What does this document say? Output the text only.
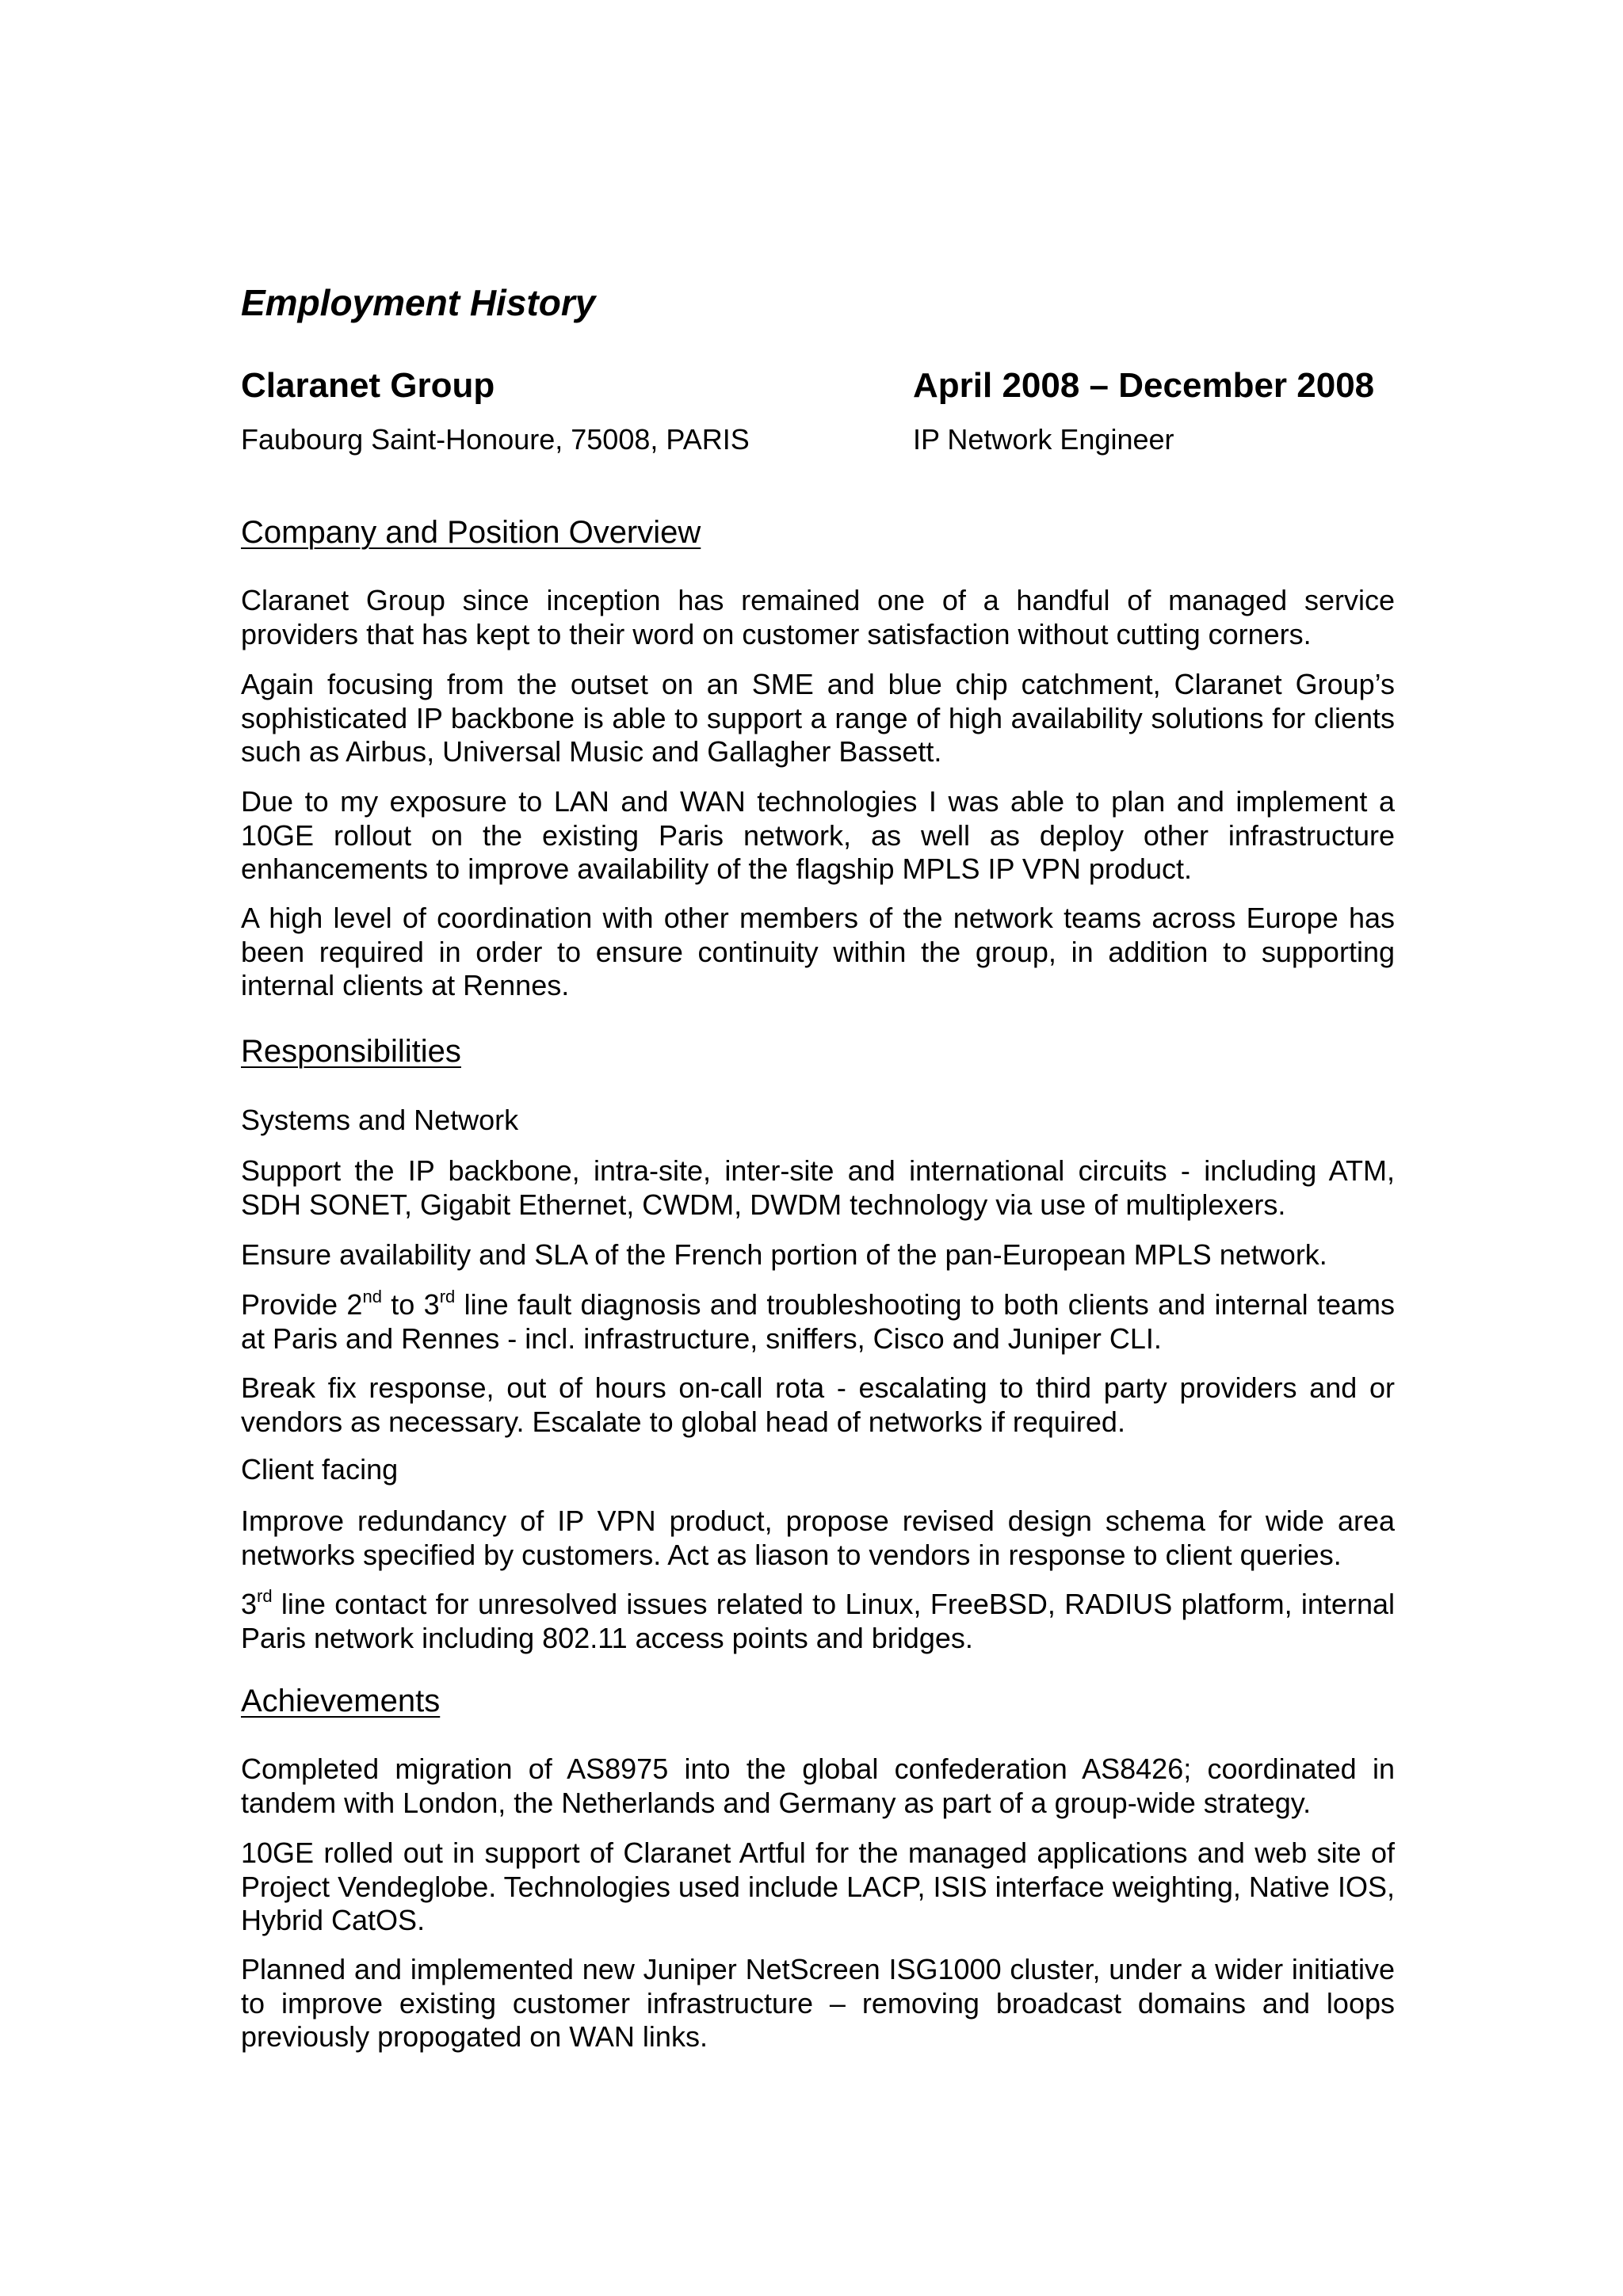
Employment History
Claranet Group	April 2008 – December 2008
Faubourg Saint-Honoure, 75008, PARIS	IP Network Engineer
Company and Position Overview

Claranet Group since inception has remained one of a handful of managed service providers that has kept to their word on customer satisfaction without cutting corners.

Again focusing from the outset on an SME and blue chip catchment, Claranet Group’s sophisticated IP backbone is able to support a range of high availability solutions for clients such as Airbus, Universal Music and Gallagher Bassett.

Due to my exposure to LAN and WAN technologies I was able to plan and implement a 10GE rollout on the existing Paris network, as well as deploy other infrastructure enhancements to improve availability of the flagship MPLS IP VPN product.

A high level of coordination with other members of the network teams across Europe has been required in order to ensure continuity within the group, in addition to supporting internal clients at Rennes.

Responsibilities
Systems and Network

Support the IP backbone, intra-site, inter-site and international circuits - including ATM, SDH SONET, Gigabit Ethernet, CWDM, DWDM technology via use of multiplexers.

Ensure availability and SLA of the French portion of the pan-European MPLS network.

Provide 2nd to 3rd line fault diagnosis and troubleshooting to both clients and internal teams at Paris and Rennes - incl. infrastructure, sniffers, Cisco and Juniper CLI.

Break fix response, out of hours on-call rota - escalating to third party providers and or vendors as necessary. Escalate to global head of networks if required.

Client facing

Improve redundancy of IP VPN product, propose revised design schema for wide area networks specified by customers. Act as liason to vendors in response to client queries.

3rd line contact for unresolved issues related to Linux, FreeBSD, RADIUS platform, internal Paris network including 802.11 access points and bridges.

Achievements

Completed migration of AS8975 into the global confederation AS8426; coordinated in tandem with London, the Netherlands and Germany as part of a group-wide strategy.

10GE rolled out in support of Claranet Artful for the managed applications and web site of Project Vendeglobe. Technologies used include LACP, ISIS interface weighting, Native IOS, Hybrid CatOS.

Planned and implemented new Juniper NetScreen ISG1000 cluster, under a wider initiative to improve existing customer infrastructure – removing broadcast domains and loops previously propogated on WAN links.
